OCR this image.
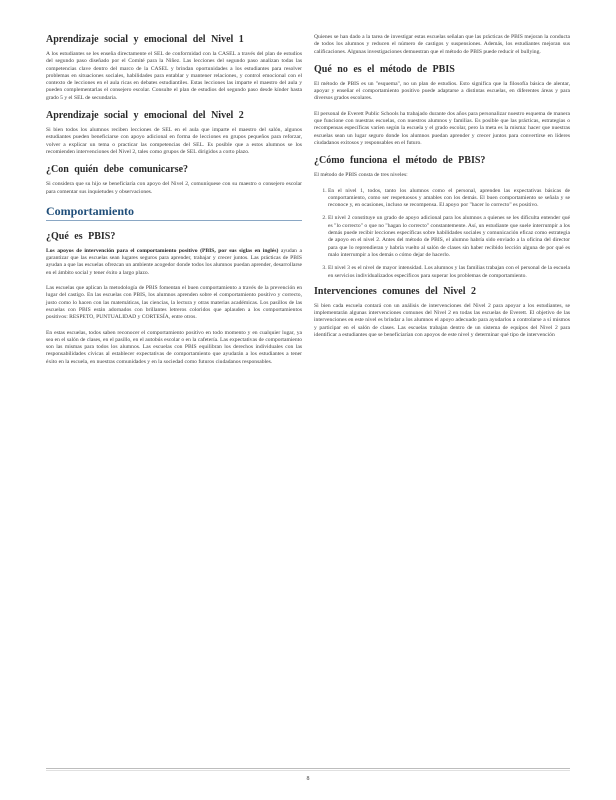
Aprendizaje social y emocional del Nivel 1

A los estudiantes se les enseña directamente el SEL de conformidad con la CASEL a través del plan de estudios del segundo paso diseñado por el Comité para la Niñez. Las lecciones del segundo paso analizan todas las competencias clave dentro del marco de la CASEL y brindan oportunidades a los estudiantes para resolver problemas en situaciones sociales, habilidades para entablar y mantener relaciones, y control emocional con el contexto de lecciones en el aula ricas en debates estudiantiles. Estas lecciones las imparte el maestro del aula y pueden complementarlas el consejero escolar. Consulte el plan de estudios del segundo paso desde kínder hasta grado 5 y el SEL de secundaria.

Aprendizaje social y emocional del Nivel 2

Si bien todos los alumnos reciben lecciones de SEL en el aula que imparte el maestro del salón, algunos estudiantes pueden beneficiarse con apoyo adicional en forma de lecciones en grupos pequeños para reforzar, volver a explicar un tema o practicar las competencias del SEL. Es posible que a estos alumnos se los recomienden intervenciones del Nivel 2, tales como grupos de SEL dirigidos a corto plazo.

¿Con quién debe comunicarse?

Si considera que su hijo se beneficiaría con apoyo del Nivel 2, comuníquese con su maestro o consejero escolar para comentar sus inquietudes y observaciones.

Comportamiento
¿Qué es PBIS?

Los apoyos de intervención para el comportamiento positivo (PBIS, por sus siglas en inglés) ayudan a garantizar que las escuelas sean lugares seguros para aprender, trabajar y crecer juntos. Las prácticas de PBIS ayudan a que las escuelas ofrezcan un ambiente acogedor donde todos los alumnos puedan aprender, desarrollarse en el ámbito social y tener éxito a largo plazo.

Las escuelas que aplican la metodología de PBIS fomentan el buen comportamiento a través de la prevención en lugar del castigo. En las escuelas con PBIS, los alumnos aprenden sobre el comportamiento positivo y correcto, justo como lo hacen con las matemáticas, las ciencias, la lectura y otras materias académicas. Los pasillos de las escuelas con PBIS están adornados con brillantes letreros coloridos que aplauden a los comportamientos positivos: RESPETO, PUNTUALIDAD y CORTESÍA, entre otros.

En estas escuelas, todos saben reconocer el comportamiento positivo en todo momento y en cualquier lugar, ya sea en el salón de clases, en el pasillo, en el autobús escolar o en la cafetería. Las expectativas de comportamiento son las mismas para todos los alumnos. Las escuelas con PBIS equilibran los derechos individuales con las responsabilidades cívicas al establecer expectativas de comportamiento que ayudarán a los estudiantes a tener éxito en la escuela, en nuestras comunidades y en la sociedad como futuros ciudadanos responsables.

Quienes se han dado a la tarea de investigar estas escuelas señalan que las prácticas de PBIS mejoran la conducta de todos los alumnos y reducen el número de castigos y suspensiones. Además, los estudiantes mejoran sus calificaciones. Algunas investigaciones demuestran que el método de PBIS puede reducir el bullying.

Qué no es el método de PBIS

El método de PBIS es un "esquema", no un plan de estudios. Esto significa que la filosofía básica de alentar, apoyar y enseñar el comportamiento positivo puede adaptarse a distintas escuelas, en diferentes áreas y para diversos grados escolares.

El personal de Everett Public Schools ha trabajado durante dos años para personalizar nuestro esquema de manera que funcione con nuestras escuelas, con nuestros alumnos y familias. Es posible que las prácticas, estrategias o recompensas específicas varíen según la escuela y el grado escolar, pero la meta es la misma: hacer que nuestras escuelas sean un lugar seguro donde los alumnos puedan aprender y crecer juntos para convertirse en líderes ciudadanos exitosos y responsables en el futuro.

¿Cómo funciona el método de PBIS?

El método de PBIS consta de tres niveles:

1. En el nivel 1, todos, tanto los alumnos como el personal, aprenden las expectativas básicas de comportamiento, como ser respetuosos y amables con los demás. El buen comportamiento se señala y se reconoce y, en ocasiones, incluso se recompensa. El apoyo por "hacer lo correcto" es positivo.
2. El nivel 2 constituye un grado de apoyo adicional para los alumnos a quienes se les dificulta entender qué es "lo correcto" o que no "hagan lo correcto" constantemente. Así, un estudiante que suele interrumpir a los demás puede recibir lecciones específicas sobre habilidades sociales y comunicación eficaz como estrategia de apoyo en el nivel 2. Antes del método de PBIS, el alumno habría sido enviado a la oficina del director para que lo reprendieran y habría vuelto al salón de clases sin haber recibido lección alguna de por qué es malo interrumpir a los demás o cómo dejar de hacerlo.
3. El nivel 3 es el nivel de mayor intensidad. Los alumnos y las familias trabajan con el personal de la escuela en servicios individualizados específicos para superar los problemas de comportamiento.
Intervenciones comunes del Nivel 2

Si bien cada escuela contará con un análisis de intervenciones del Nivel 2 para apoyar a los estudiantes, se implementarán algunas intervenciones comunes del Nivel 2 en todas las escuelas de Everett. El objetivo de las intervenciones en este nivel es brindar a los alumnos el apoyo adecuado para ayudarlos a controlarse a sí mismos y participar en el salón de clases. Las escuelas trabajan dentro de un sistema de equipos del Nivel 2 para identificar a estudiantes que se beneficiarían con apoyos de este nivel y determinar qué tipo de intervención

8
